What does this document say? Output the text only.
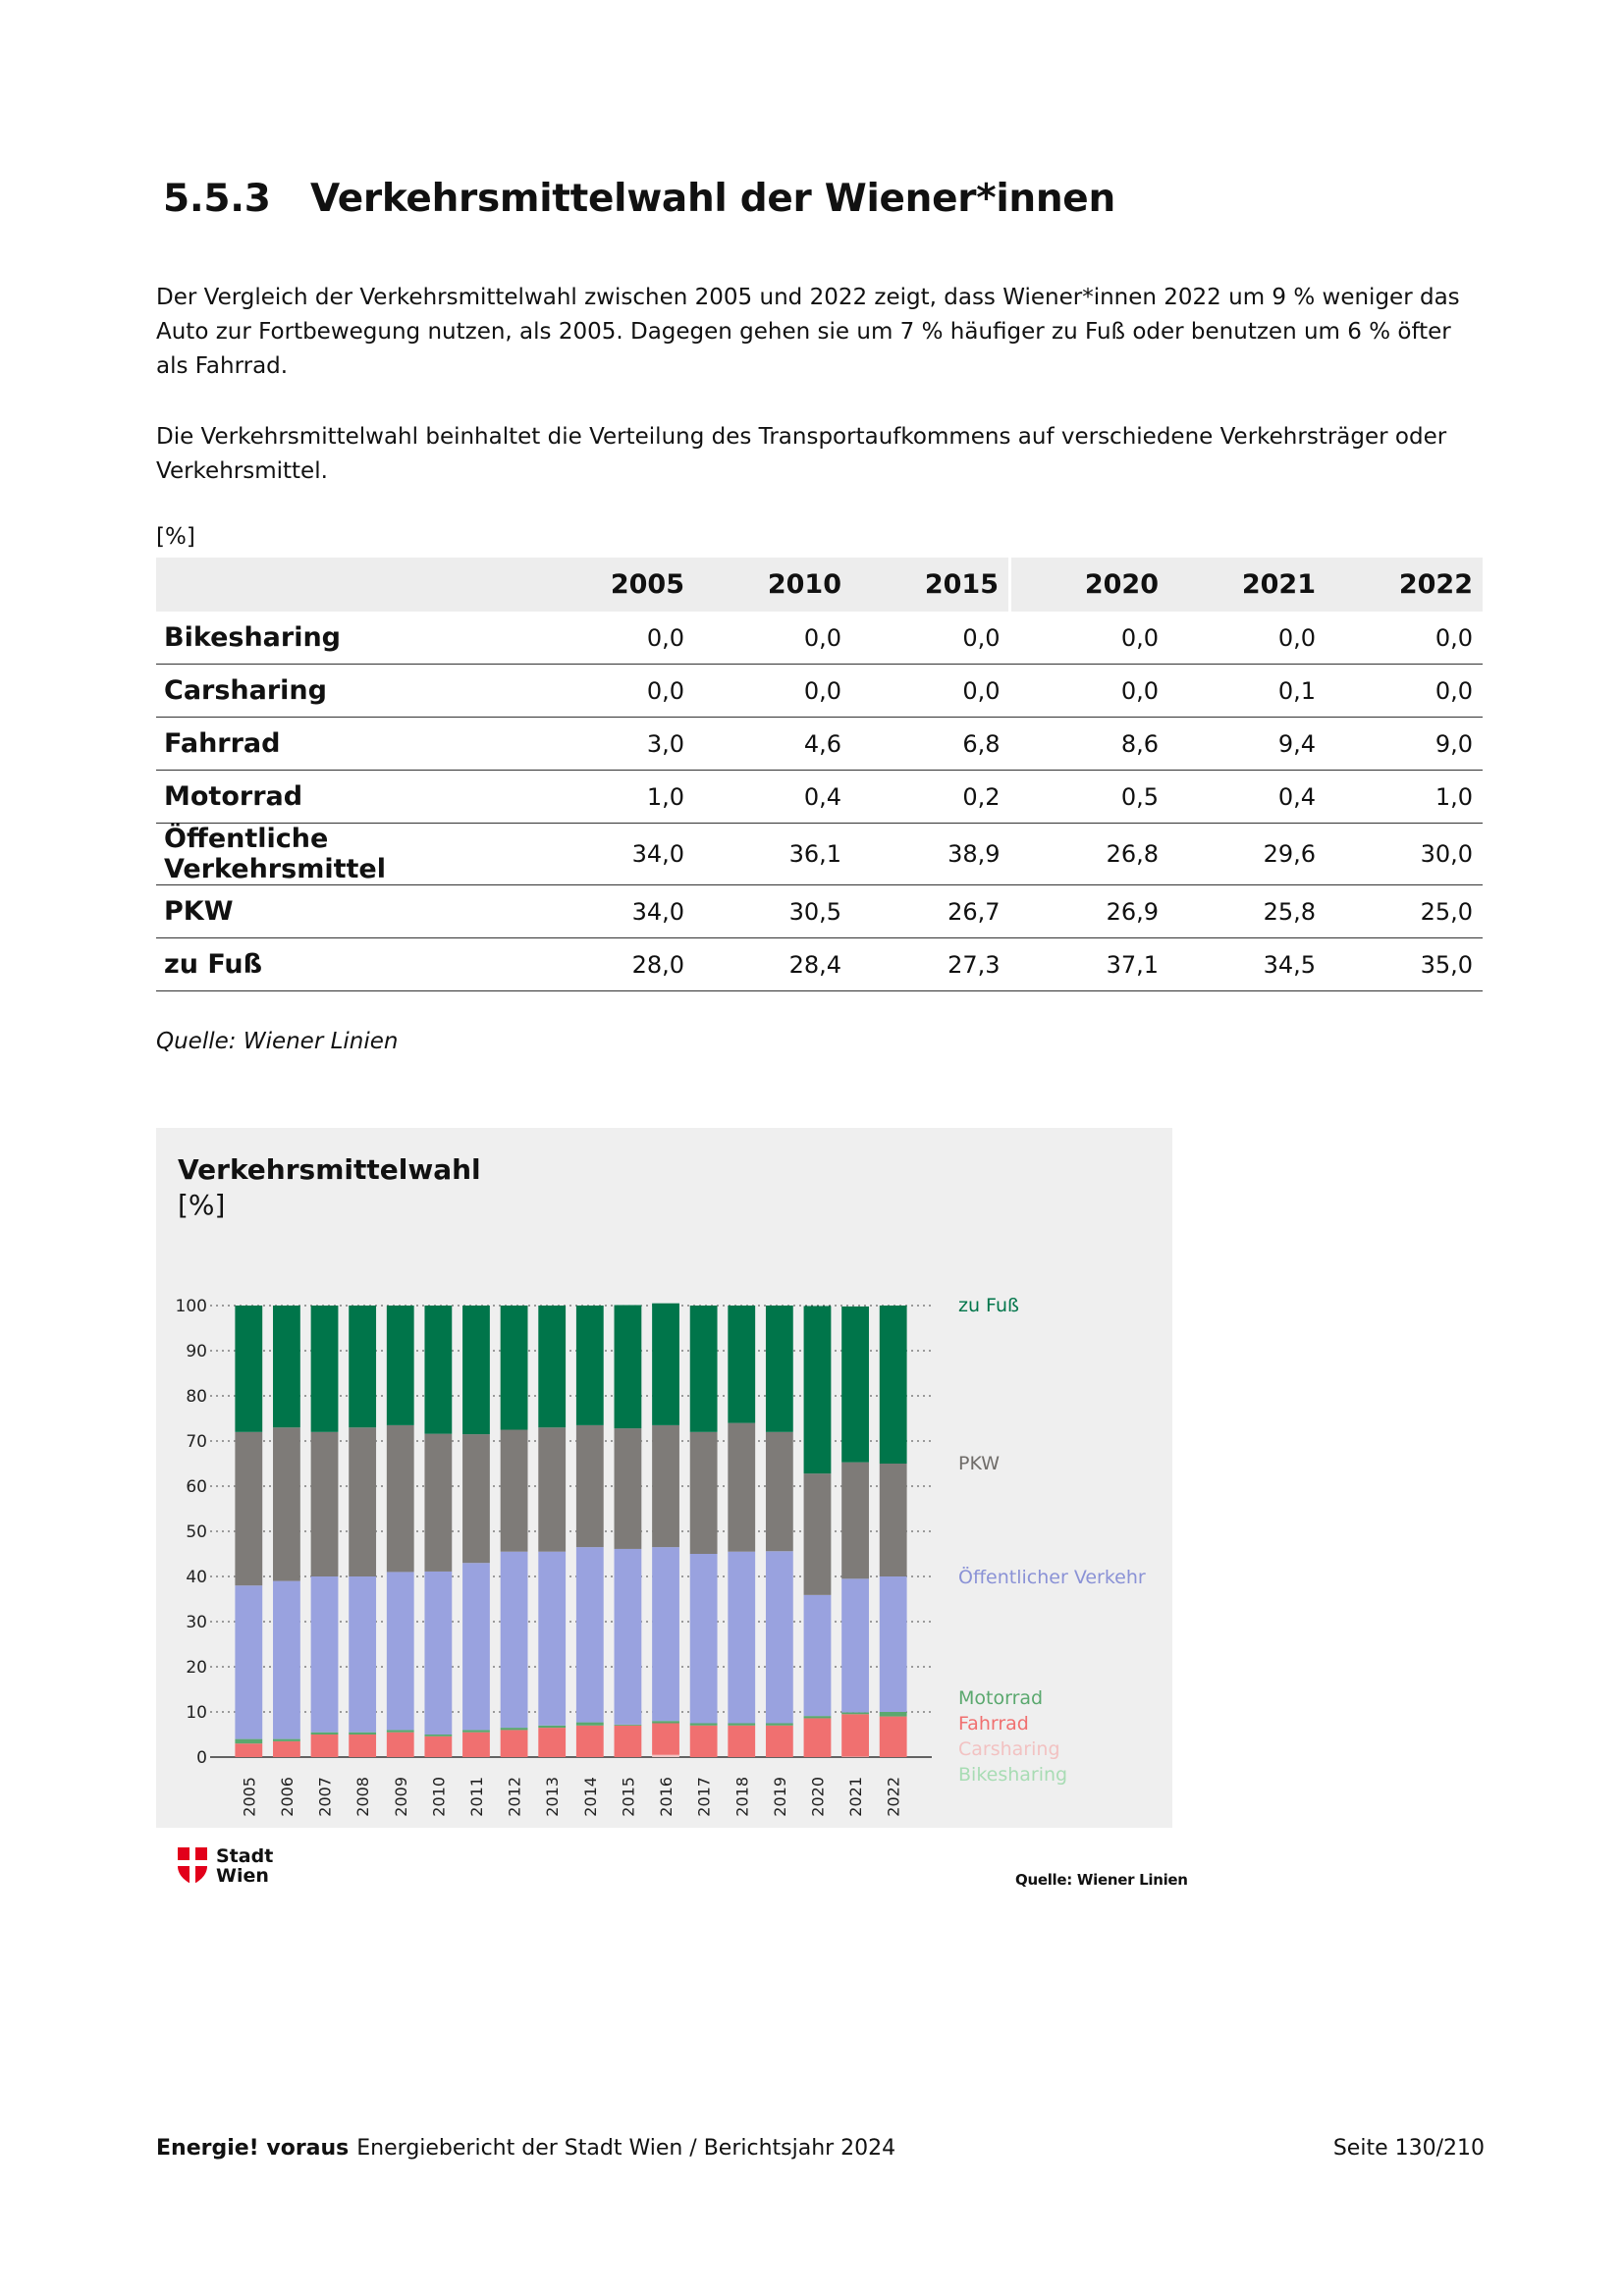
5.5.3 Verkehrsmittelwahl der Wiener*innen

Der Vergleich der Verkehrsmittelwahl zwischen 2005 und 2022 zeigt, dass Wiener*innen 2022 um 9 % weniger das Auto zur Fortbewegung nutzen, als 2005. Dagegen gehen sie um 7 % häufiger zu Fuß oder benutzen um 6 % öfter als Fahrrad.

Die Verkehrsmittelwahl beinhaltet die Verteilung des Transportaufkommens auf verschiedene Verkehrsträger oder Verkehrsmittel.

[%]
	2005	2010	2015	2020	2021	2022
Bikesharing	0,0	0,0	0,0	0,0	0,0	0,0
Carsharing	0,0	0,0	0,0	0,0	0,1	0,0
Fahrrad	3,0	4,6	6,8	8,6	9,4	9,0
Motorrad	1,0	0,4	0,2	0,5	0,4	1,0
Öffentliche Verkehrsmittel	34,0	36,1	38,9	26,8	29,6	30,0
PKW	34,0	30,5	26,7	26,9	25,8	25,0
zu Fuß	28,0	28,4	27,3	37,1	34,5	35,0
Quelle: Wiener Linien
Verkehrsmittelwahl
[%]
0
10
20
30
40
50
60
70
80
90
100
2005 2006 2007 2008 2009 2010 2011 2012 2013 2014 2015 2016 2017 2018 2019 2020 2021 2022
zu Fuß
PKW
Öffentlicher Verkehr
Motorrad
Fahrrad
Carsharing
Bikesharing
Stadt
Wien	Quelle: Wiener Linien
Energie! voraus Energiebericht der Stadt Wien / Berichtsjahr 2024	Seite 130/210
